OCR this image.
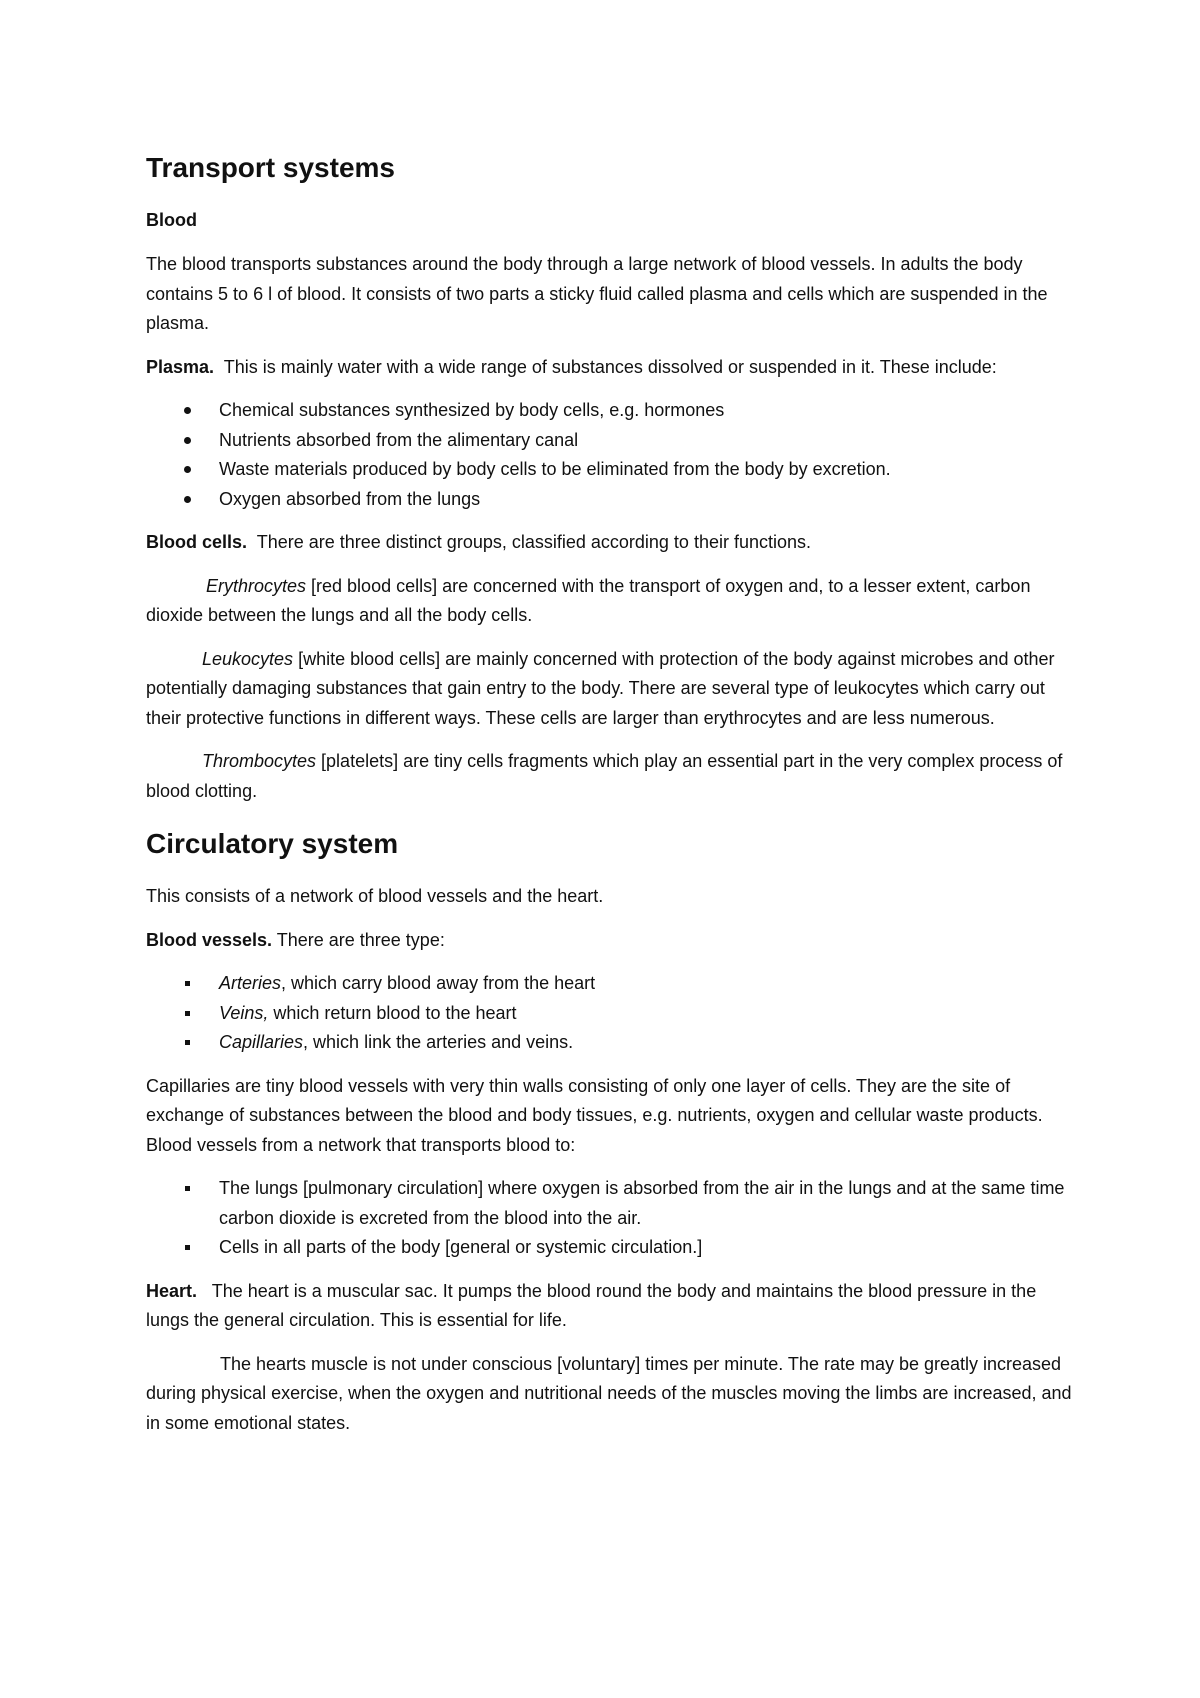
Transport systems
Blood

The blood transports substances around the body through a large network of blood vessels. In adults the body contains 5 to 6 l of blood. It consists of two parts a sticky fluid called plasma and cells which are suspended in the plasma.

Plasma. This is mainly water with a wide range of substances dissolved or suspended in it. These include:

Chemical substances synthesized by body cells, e.g. hormones
Nutrients absorbed from the alimentary canal
Waste materials produced by body cells to be eliminated from the body by excretion.
Oxygen absorbed from the lungs

Blood cells. There are three distinct groups, classified according to their functions.

Erythrocytes [red blood cells] are concerned with the transport of oxygen and, to a lesser extent, carbon dioxide between the lungs and all the body cells.

Leukocytes [white blood cells] are mainly concerned with protection of the body against microbes and other potentially damaging substances that gain entry to the body. There are several type of leukocytes which carry out their protective functions in different ways. These cells are larger than erythrocytes and are less numerous.

Thrombocytes [platelets] are tiny cells fragments which play an essential part in the very complex process of blood clotting.

Circulatory system

This consists of a network of blood vessels and the heart.

Blood vessels. There are three type:

Arteries, which carry blood away from the heart
Veins, which return blood to the heart
Capillaries, which link the arteries and veins.

Capillaries are tiny blood vessels with very thin walls consisting of only one layer of cells. They are the site of exchange of substances between the blood and body tissues, e.g. nutrients, oxygen and cellular waste products. Blood vessels from a network that transports blood to:

The lungs [pulmonary circulation] where oxygen is absorbed from the air in the lungs and at the same time carbon dioxide is excreted from the blood into the air.
Cells in all parts of the body [general or systemic circulation.]

Heart. The heart is a muscular sac. It pumps the blood round the body and maintains the blood pressure in the lungs the general circulation. This is essential for life.

The hearts muscle is not under conscious [voluntary] times per minute. The rate may be greatly increased during physical exercise, when the oxygen and nutritional needs of the muscles moving the limbs are increased, and in some emotional states.
